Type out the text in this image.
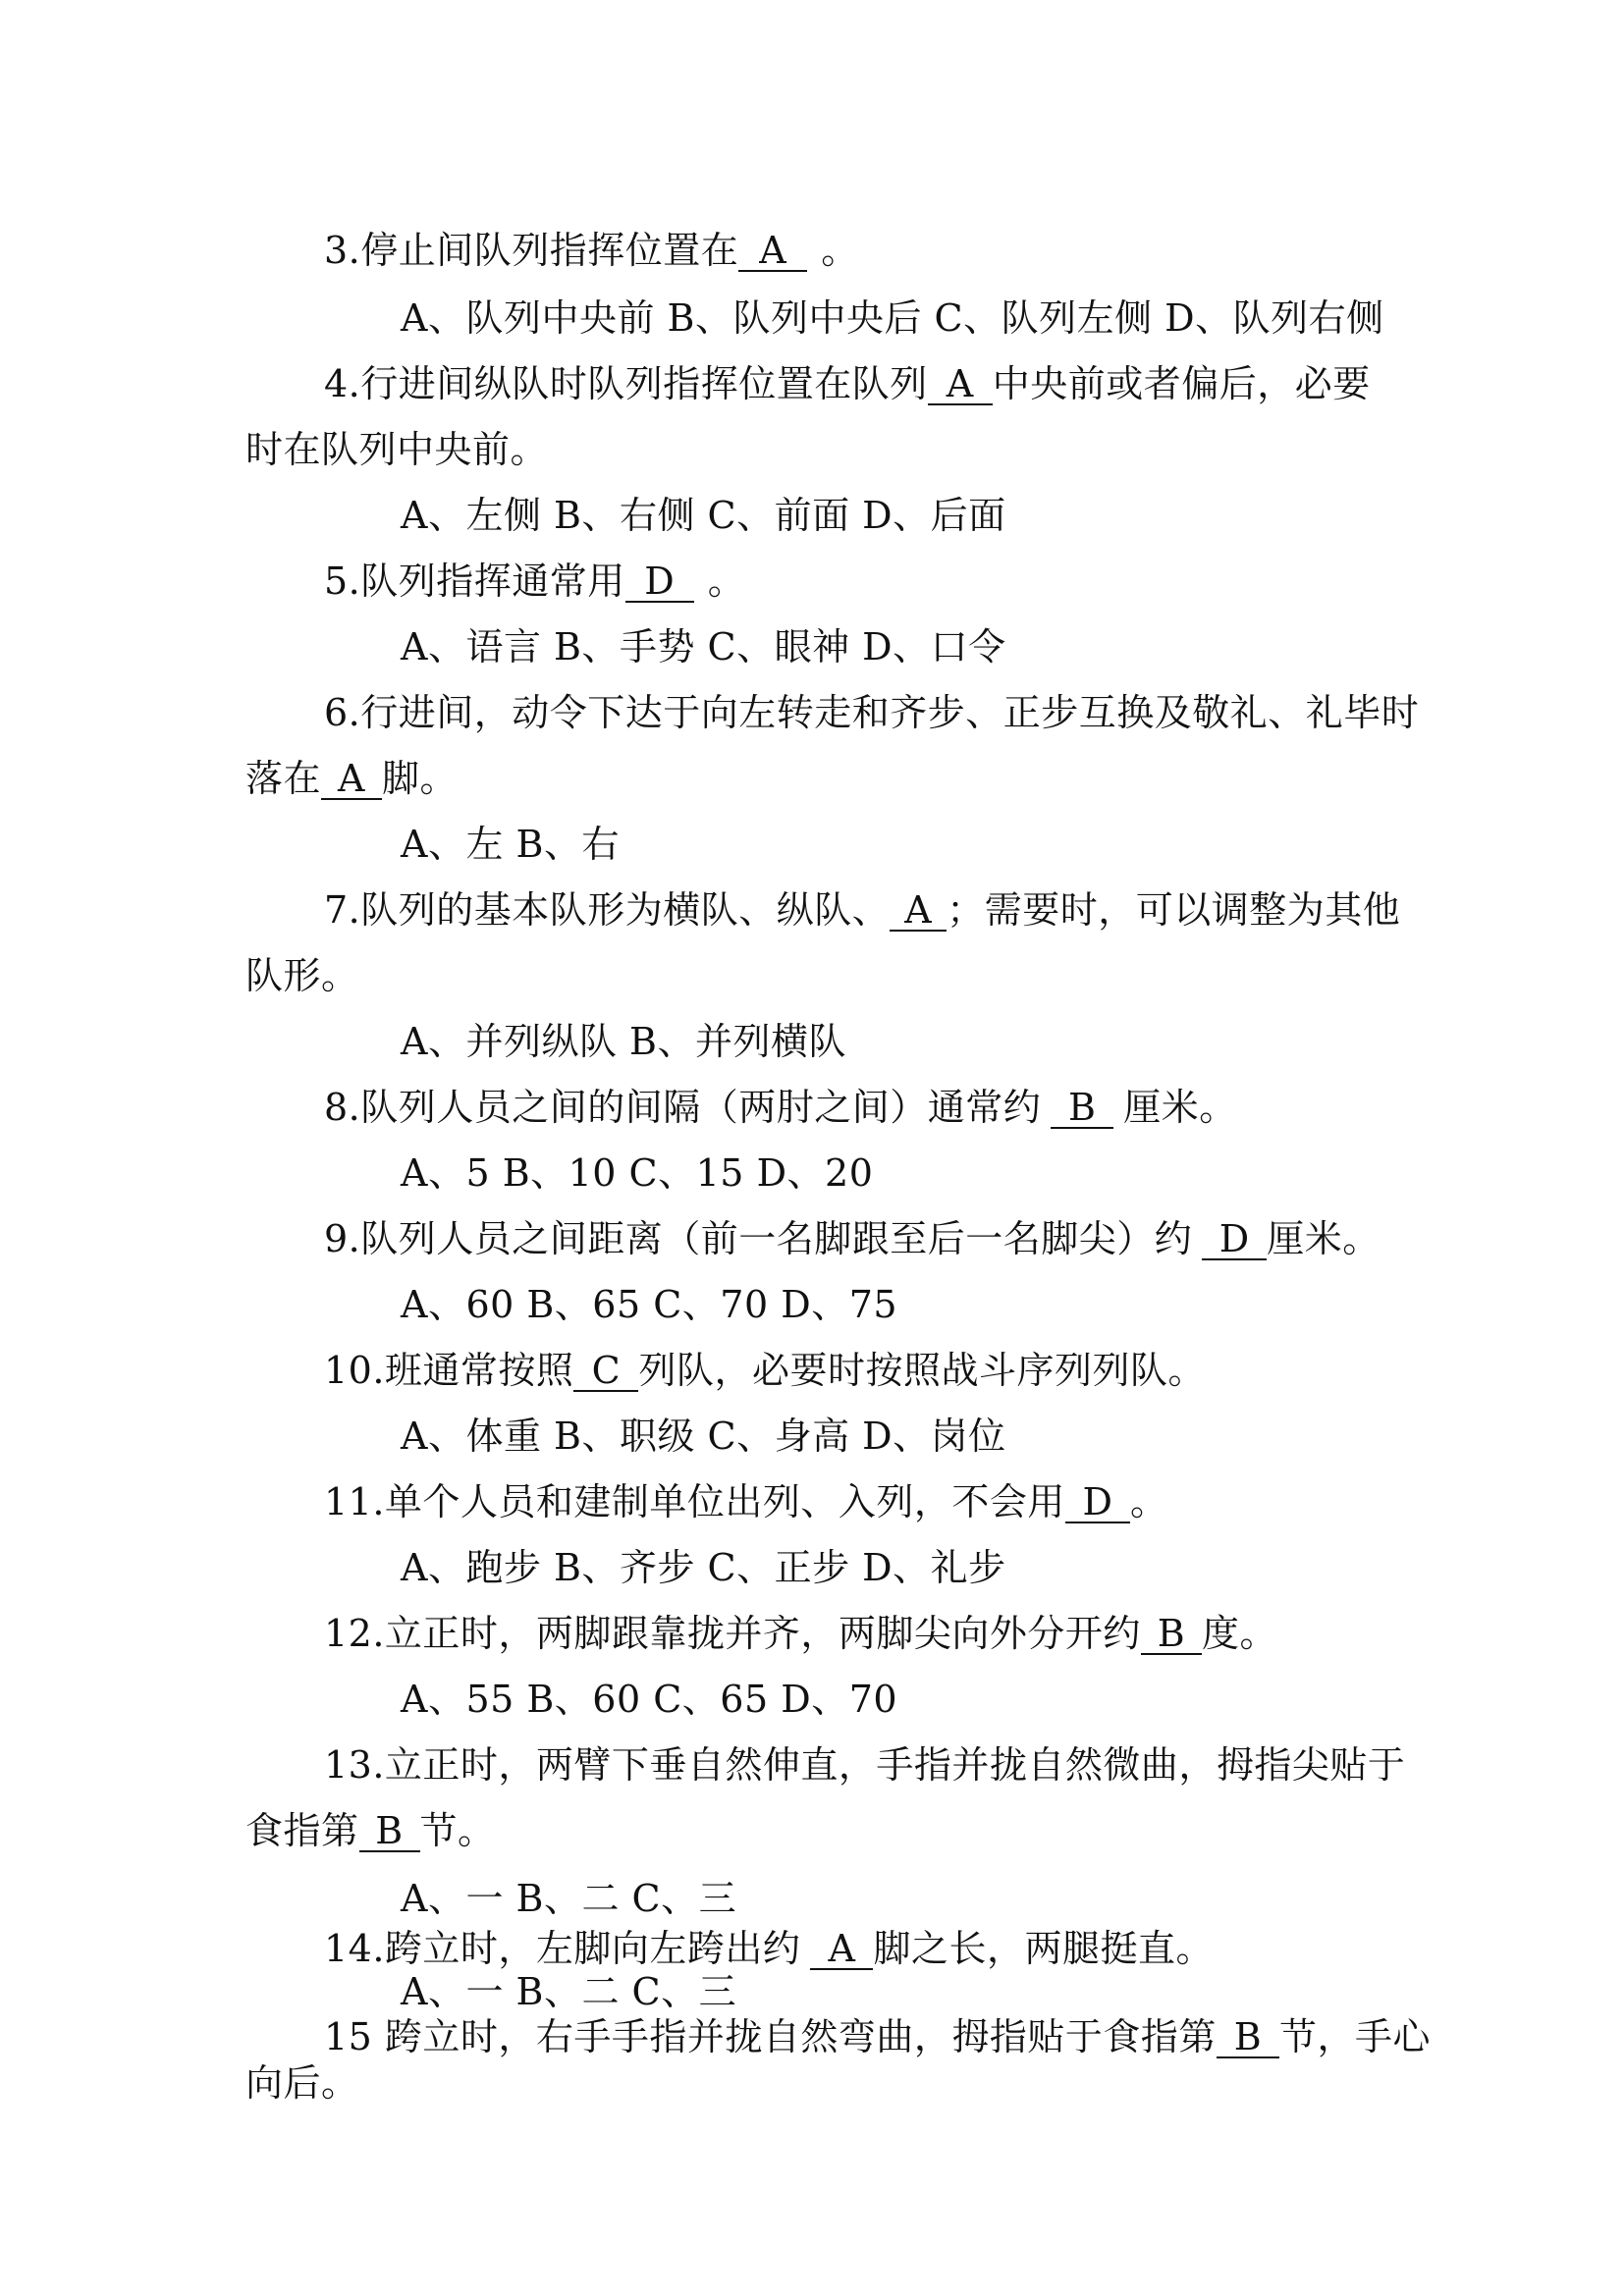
3.停止间队列指挥位置在 A 。
A、队列中央前 B、队列中央后 C、队列左侧 D、队列右侧
4.行进间纵队时队列指挥位置在队列 A 中央前或者偏后，必要
时在队列中央前。
A、左侧 B、右侧 C、前面 D、后面
5.队列指挥通常用 D 。
A、语言 B、手势 C、眼神 D、口令
6.行进间，动令下达于向左转走和齐步、正步互换及敬礼、礼毕时
落在 A 脚。
A、左 B、右
7.队列的基本队形为横队、纵队、 A ；需要时，可以调整为其他
队形。
A、并列纵队 B、并列横队
8.队列人员之间的间隔（两肘之间）通常约 B 厘米。
A、5 B、10 C、15 D、20
9.队列人员之间距离（前一名脚跟至后一名脚尖）约 D 厘米。
A、60 B、65 C、70 D、75
10.班通常按照 C 列队，必要时按照战斗序列列队。
A、体重 B、职级 C、身高 D、岗位
11.单个人员和建制单位出列、入列，不会用 D 。
A、跑步 B、齐步 C、正步 D、礼步
12.立正时，两脚跟靠拢并齐，两脚尖向外分开约 B 度。
A、55 B、60 C、65 D、70
13.立正时，两臂下垂自然伸直，手指并拢自然微曲，拇指尖贴于
食指第 B 节。
A、一 B、二 C、三
14.跨立时，左脚向左跨出约 A 脚之长，两腿挺直。
A、一 B、二 C、三
15 跨立时，右手手指并拢自然弯曲，拇指贴于食指第 B 节，手心
向后。
